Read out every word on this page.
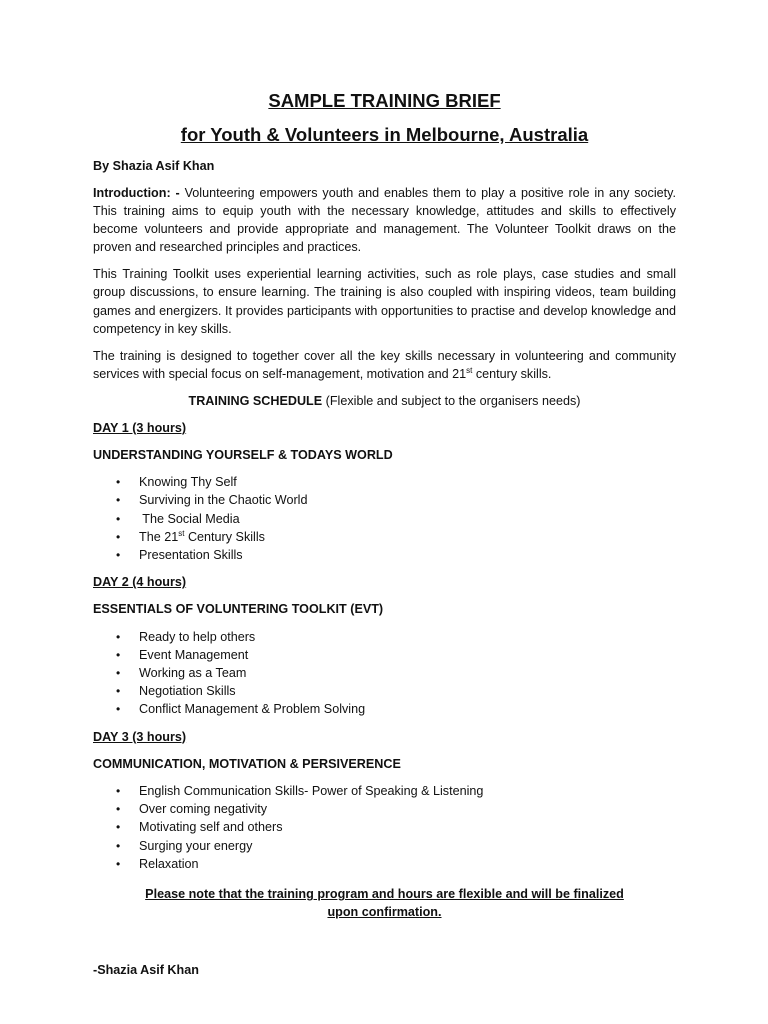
SAMPLE TRAINING BRIEF
for Youth & Volunteers in Melbourne, Australia
By Shazia Asif Khan
Introduction: - Volunteering empowers youth and enables them to play a positive role in any society. This training aims to equip youth with the necessary knowledge, attitudes and skills to effectively become volunteers and provide appropriate and management. The Volunteer Toolkit draws on the proven and researched principles and practices.
This Training Toolkit uses experiential learning activities, such as role plays, case studies and small group discussions, to ensure learning. The training is also coupled with inspiring videos, team building games and energizers. It provides participants with opportunities to practise and develop knowledge and competency in key skills.
The training is designed to together cover all the key skills necessary in volunteering and community services with special focus on self-management, motivation and 21st century skills.
TRAINING SCHEDULE (Flexible and subject to the organisers needs)
DAY 1 (3 hours)
UNDERSTANDING YOURSELF & TODAYS WORLD
• Knowing Thy Self
• Surviving in the Chaotic World
• The Social Media
• The 21st Century Skills
• Presentation Skills
DAY 2 (4 hours)
ESSENTIALS OF VOLUNTERING TOOLKIT (EVT)
• Ready to help others
• Event Management
• Working as a Team
• Negotiation Skills
• Conflict Management & Problem Solving
DAY 3 (3 hours)
COMMUNICATION, MOTIVATION & PERSIVERENCE
• English Communication Skills- Power of Speaking & Listening
• Over coming negativity
• Motivating self and others
• Surging your energy
• Relaxation
Please note that the training program and hours are flexible and will be finalized upon confirmation.
-Shazia Asif Khan
